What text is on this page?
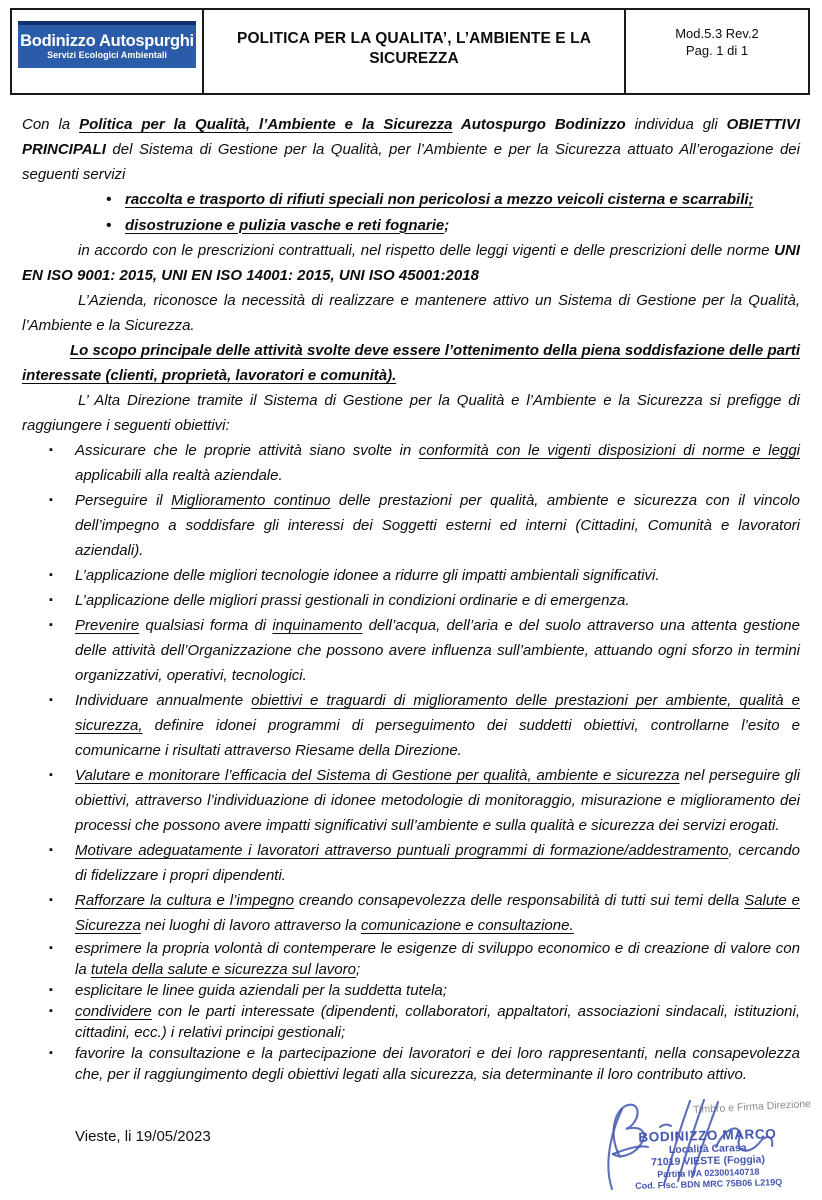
Bodinizzo Autospurghi
Servizi Ecologici Ambientali
POLITICA PER LA QUALITA’, L’AMBIENTE E LA SICUREZZA
Mod.5.3 Rev.2
Pag. 1 di 1

Con la Politica per la Qualità, l’Ambiente e la Sicurezza Autospurgo Bodinizzo individua gli OBIETTIVI PRINCIPALI del Sistema di Gestione per la Qualità, per l’Ambiente e per la Sicurezza attuato All’erogazione dei seguenti servizi

• raccolta e trasporto di rifiuti speciali non pericolosi a mezzo veicoli cisterna e scarrabili;
• disostruzione e pulizia vasche e reti fognarie;

in accordo con le prescrizioni contrattuali, nel rispetto delle leggi vigenti e delle prescrizioni delle norme UNI EN ISO 9001: 2015, UNI EN ISO 14001: 2015, UNI ISO 45001:2018

L’Azienda, riconosce la necessità di realizzare e mantenere attivo un Sistema di Gestione per la Qualità, l’Ambiente e la Sicurezza.

Lo scopo principale delle attività svolte deve essere l’ottenimento della piena soddisfazione delle parti interessate (clienti, proprietà, lavoratori e comunità).

L’ Alta Direzione tramite il Sistema di Gestione per la Qualità e l’Ambiente e la Sicurezza si prefigge di raggiungere i seguenti obiettivi:

▪ Assicurare che le proprie attività siano svolte in conformità con le vigenti disposizioni di norme e leggi applicabili alla realtà aziendale.
▪ Perseguire il Miglioramento continuo delle prestazioni per qualità, ambiente e sicurezza con il vincolo dell’impegno a soddisfare gli interessi dei Soggetti esterni ed interni (Cittadini, Comunità e lavoratori aziendali).
▪ L’applicazione delle migliori tecnologie idonee a ridurre gli impatti ambientali significativi.
▪ L’applicazione delle migliori prassi gestionali in condizioni ordinarie e di emergenza.
▪ Prevenire qualsiasi forma di inquinamento dell’acqua, dell’aria e del suolo attraverso una attenta gestione delle attività dell’Organizzazione che possono avere influenza sull’ambiente, attuando ogni sforzo in termini organizzativi, operativi, tecnologici.
▪ Individuare annualmente obiettivi e traguardi di miglioramento delle prestazioni per ambiente, qualità e sicurezza, definire idonei programmi di perseguimento dei suddetti obiettivi, controllarne l’esito e comunicarne i risultati attraverso Riesame della Direzione.
▪ Valutare e monitorare l’efficacia del Sistema di Gestione per qualità, ambiente e sicurezza nel perseguire gli obiettivi, attraverso l’individuazione di idonee metodologie di monitoraggio, misurazione e miglioramento dei processi che possono avere impatti significativi sull’ambiente e sulla qualità e sicurezza dei servizi erogati.
▪ Motivare adeguatamente i lavoratori attraverso puntuali programmi di formazione/addestramento, cercando di fidelizzare i propri dipendenti.
▪ Rafforzare la cultura e l’impegno creando consapevolezza delle responsabilità di tutti sui temi della Salute e Sicurezza nei luoghi di lavoro attraverso la comunicazione e consultazione.
▪ esprimere la propria volontà di contemperare le esigenze di sviluppo economico e di creazione di valore con la tutela della salute e sicurezza sul lavoro;
▪ esplicitare le linee guida aziendali per la suddetta tutela;
▪ condividere con le parti interessate (dipendenti, collaboratori, appaltatori, associazioni sindacali, istituzioni, cittadini, ecc.) i relativi principi gestionali;
▪ favorire la consultazione e la partecipazione dei lavoratori e dei loro rappresentanti, nella consapevolezza che, per il raggiungimento degli obiettivi legati alla sicurezza, sia determinante il loro contributo attivo.
Vieste, li 19/05/2023
Timbro e Firma Direzione
BODINIZZO MARCO
Località Carasa
71019 VIESTE (Foggia)
Partita IVA 02300140718
Cod. Fisc. BDN MRC 75B06 L219Q
